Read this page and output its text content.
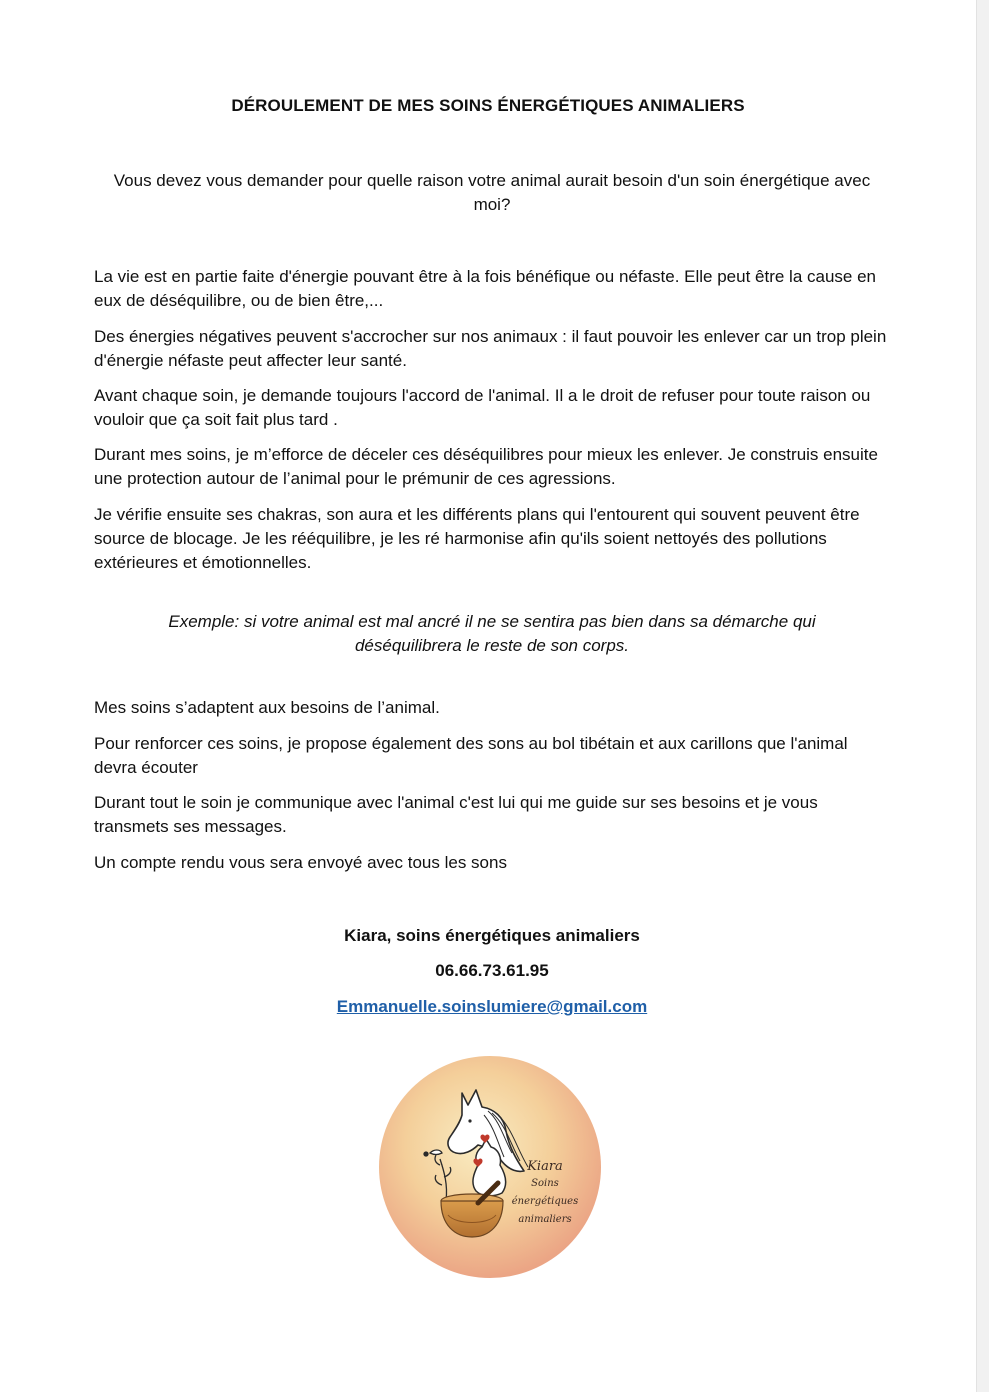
DÉROULEMENT DE MES SOINS ÉNERGÉTIQUES ANIMALIERS

Vous devez vous demander pour quelle raison votre animal aurait besoin d'un soin énergétique avec moi?

La vie est en partie faite d'énergie pouvant être à la fois bénéfique ou néfaste. Elle peut être la cause en eux de déséquilibre, ou de bien être,...

Des énergies négatives peuvent s'accrocher sur nos animaux : il faut pouvoir les enlever car un trop plein d'énergie néfaste peut affecter leur santé.

Avant chaque soin, je demande toujours l'accord de l'animal. Il a le droit de refuser pour toute raison ou vouloir que ça soit fait plus tard .

Durant mes soins, je m’efforce de déceler ces déséquilibres pour mieux les enlever. Je construis ensuite une protection autour de l’animal pour le prémunir de ces agressions.

Je vérifie ensuite ses chakras, son aura et les différents plans qui l'entourent qui souvent peuvent être source de blocage. Je les rééquilibre, je les ré harmonise afin qu'ils soient nettoyés des pollutions extérieures et émotionnelles.

Exemple: si votre animal est mal ancré il ne se sentira pas bien dans sa démarche qui déséquilibrera le reste de son corps.

Mes soins s’adaptent aux besoins de l’animal.

Pour renforcer ces soins, je propose également des sons au bol tibétain et aux carillons que l'animal devra écouter

Durant tout le soin je communique avec l'animal c'est lui qui me guide sur ses besoins et je vous transmets ses messages.

Un compte rendu vous sera envoyé avec tous les sons

Kiara, soins énergétiques animaliers

06.66.73.61.95

Emmanuelle.soinslumiere@gmail.com

Kiara
Soins
énergétiques
animaliers
